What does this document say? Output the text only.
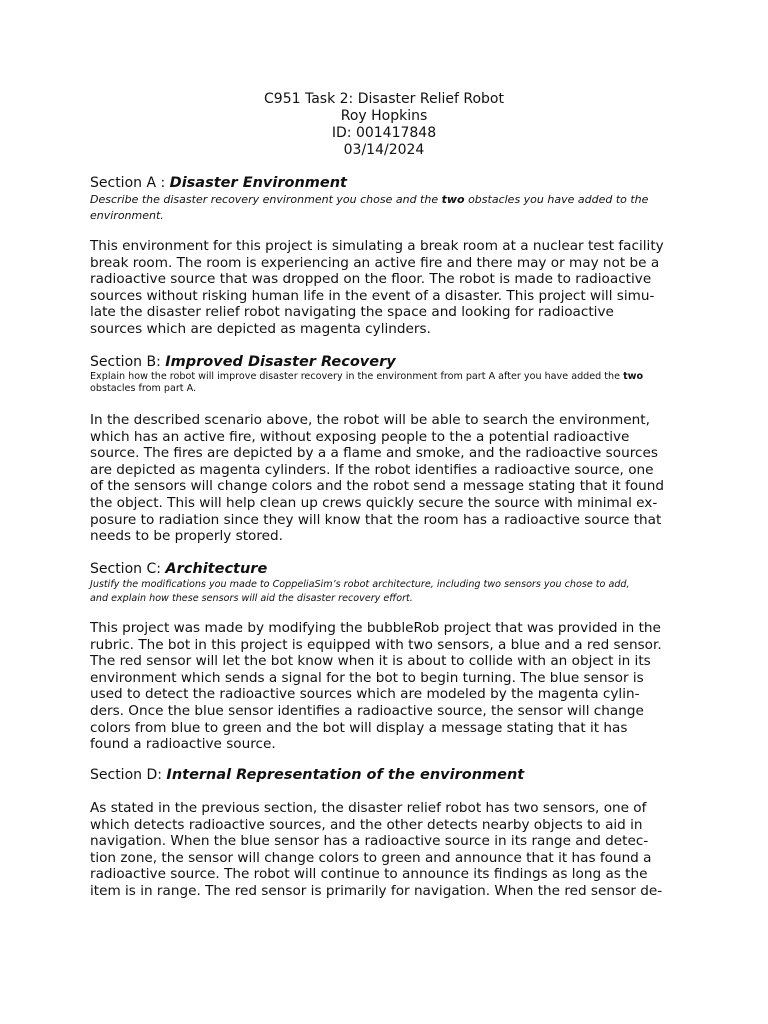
C951 Task 2: Disaster Relief Robot
Roy Hopkins
ID: 001417848
03/14/2024
Section A : Disaster Environment
Describe the disaster recovery environment you chose and the two obstacles you have added to the
environment.
This environment for this project is simulating a break room at a nuclear test facility
break room. The room is experiencing an active fire and there may or may not be a
radioactive source that was dropped on the floor. The robot is made to radioactive
sources without risking human life in the event of a disaster. This project will simu-
late the disaster relief robot navigating the space and looking for radioactive
sources which are depicted as magenta cylinders.
Section B: Improved Disaster Recovery
Explain how the robot will improve disaster recovery in the environment from part A after you have added the two
obstacles from part A.
In the described scenario above, the robot will be able to search the environment,
which has an active fire, without exposing people to the a potential radioactive
source. The fires are depicted by a a flame and smoke, and the radioactive sources
are depicted as magenta cylinders. If the robot identifies a radioactive source, one
of the sensors will change colors and the robot send a message stating that it found
the object. This will help clean up crews quickly secure the source with minimal ex-
posure to radiation since they will know that the room has a radioactive source that
needs to be properly stored.
Section C: Architecture
Justify the modifications you made to CoppeliaSim’s robot architecture, including two sensors you chose to add,
and explain how these sensors will aid the disaster recovery effort.
This project was made by modifying the bubbleRob project that was provided in the
rubric. The bot in this project is equipped with two sensors, a blue and a red sensor.
The red sensor will let the bot know when it is about to collide with an object in its
environment which sends a signal for the bot to begin turning. The blue sensor is
used to detect the radioactive sources which are modeled by the magenta cylin-
ders. Once the blue sensor identifies a radioactive source, the sensor will change
colors from blue to green and the bot will display a message stating that it has
found a radioactive source.
Section D: Internal Representation of the environment
As stated in the previous section, the disaster relief robot has two sensors, one of
which detects radioactive sources, and the other detects nearby objects to aid in
navigation. When the blue sensor has a radioactive source in its range and detec-
tion zone, the sensor will change colors to green and announce that it has found a
radioactive source. The robot will continue to announce its findings as long as the
item is in range. The red sensor is primarily for navigation. When the red sensor de-
